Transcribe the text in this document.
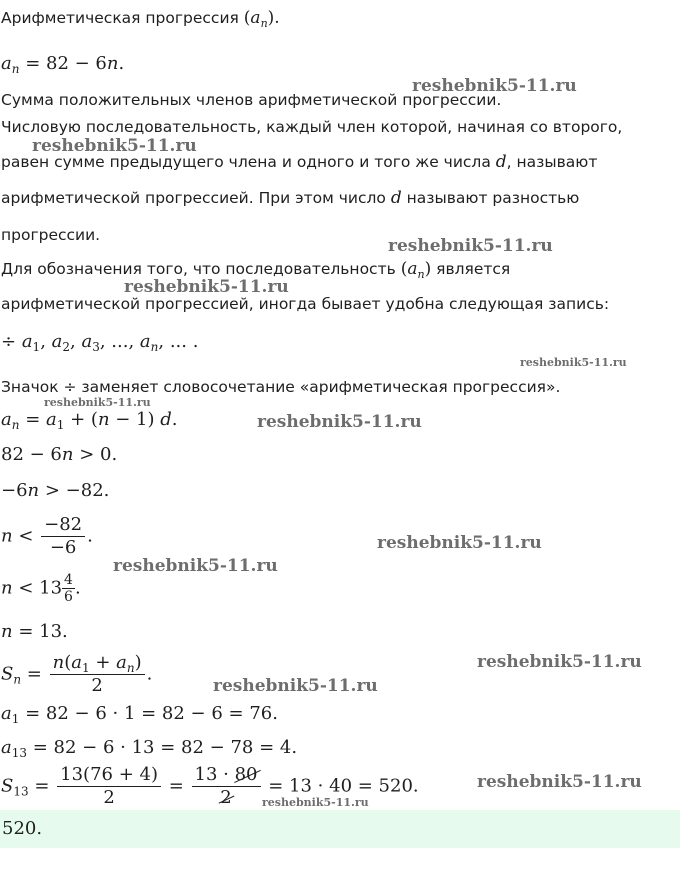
Арифметическая прогрессия $(a_n)$.
$a_n = 82 - 6n$.
Сумма положительных членов арифметической прогрессии.
Числовую последовательность, каждый член которой, начиная со второго,
равен сумме предыдущего члена и одного и того же числа d, называют
арифметической прогрессией. При этом число d называют разностью
прогрессии.
Для обозначения того, что последовательность $(a_n)$ является
арифметической прогрессией, иногда бывает удобна следующая запись:
÷ $a_1$, $a_2$, $a_3$, ..., $a_n$, ... .
Значок ÷ заменяет словосочетание «арифметическая прогрессия».
$a_n = a_1 + (n - 1)$ d.
82 − 6n > 0.
−6n > −82.
$n < \frac{-82}{-6}$ .
$n < 13 \frac{4}{6}$ .
n = 13.
$S_n = \frac{n(a_1 + a_n)}{2}$ .
$a_1 = 82 - 6 \cdot 1 = 82 - 6 = 76$.
$a_{13} = 82 - 6 \cdot 13 = 82 - 78 = 4$.
$S_{13} = \frac{13(76 + 4)}{2} = \frac{13 \cdot 80}{2} = 13 \cdot 40 = 520$.
520.
reshebnik5-11.ru
reshebnik5-11.ru
reshebnik5-11.ru
reshebnik5-11.ru
reshebnik5-11.ru
reshebnik5-11.ru
reshebnik5-11.ru
reshebnik5-11.ru
reshebnik5-11.ru
reshebnik5-11.ru
reshebnik5-11.ru
reshebnik5-11.ru
reshebnik5-11.ru
